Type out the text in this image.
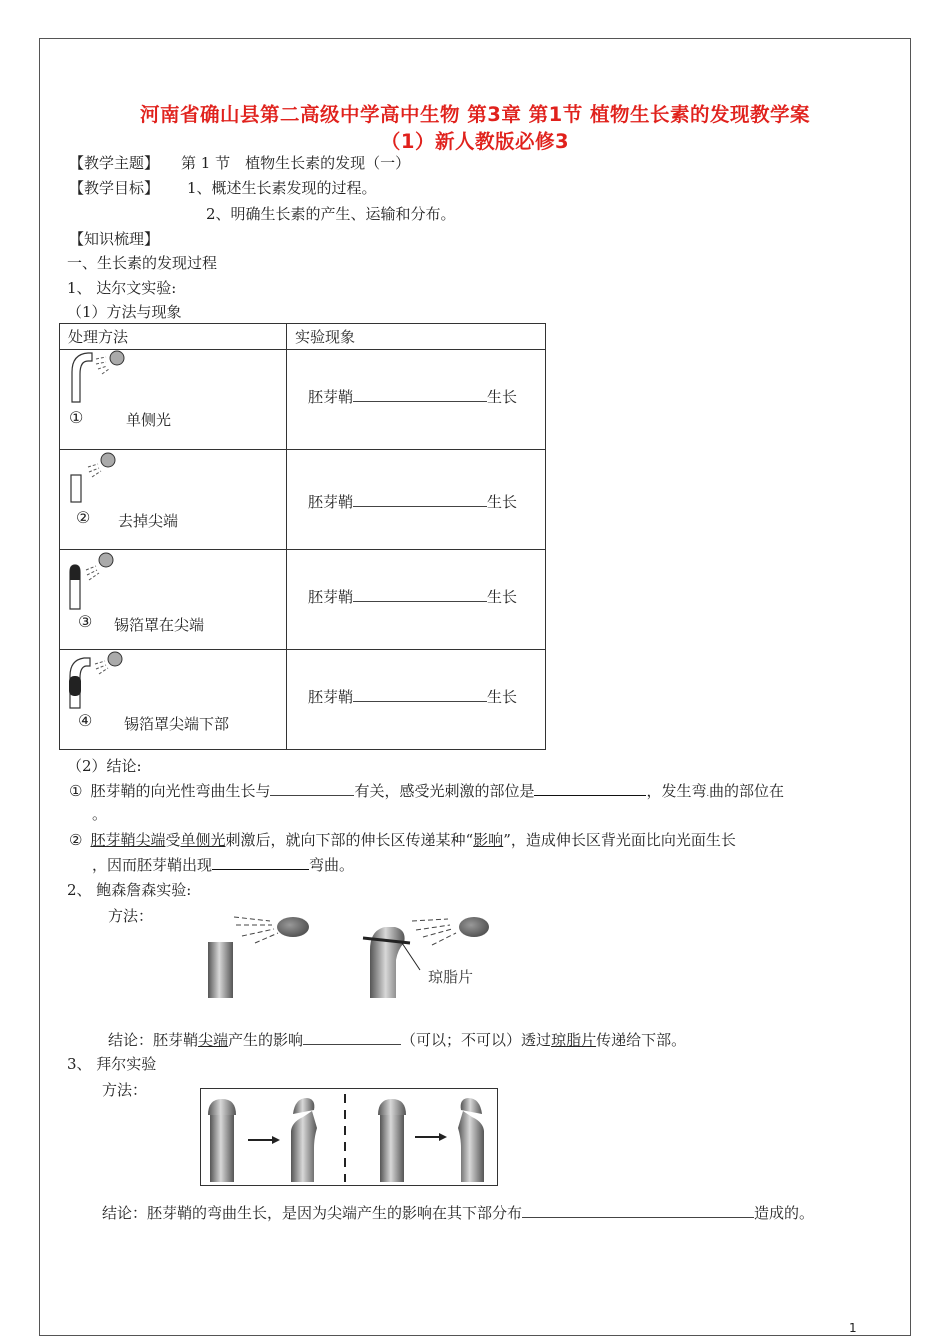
河南省确山县第二高级中学高中生物 第3章 第1节 植物生长素的发现教学案
（1）新人教版必修3
【教学主题】 第 1 节　植物生长素的发现（一）
【教学目标】 1、概述生长素发现的过程。
2、明确生长素的产生、运输和分布。
【知识梳理】
一、生长素的发现过程
1、 达尔文实验:
（1）方法与现象
处理方法	实验现象

① 单侧光	胚芽鞘 生长

② 去掉尖端	胚芽鞘 生长

③ 锡箔罩在尖端	胚芽鞘 生长

④ 锡箔罩尖端下部	胚芽鞘 生长
（2）结论:
① 胚芽鞘的向光性弯曲生长与	有关，感受光刺激的部位是	，发生弯.曲的部位在
。
② 胚芽鞘尖端受单侧光刺激后，就向下部的伸长区传递某种“影响”，造成伸长区背光面比向光面生长
，因而胚芽鞘出现	弯曲。
2、 鲍森詹森实验:
方法：
琼脂片
结论：胚芽鞘尖端产生的影响	（可以；不可以）透过琼脂片传递给下部。
3、 拜尔实验
方法：
结论：胚芽鞘的弯曲生长，是因为尖端产生的影响在其下部分布	造成的。
1
